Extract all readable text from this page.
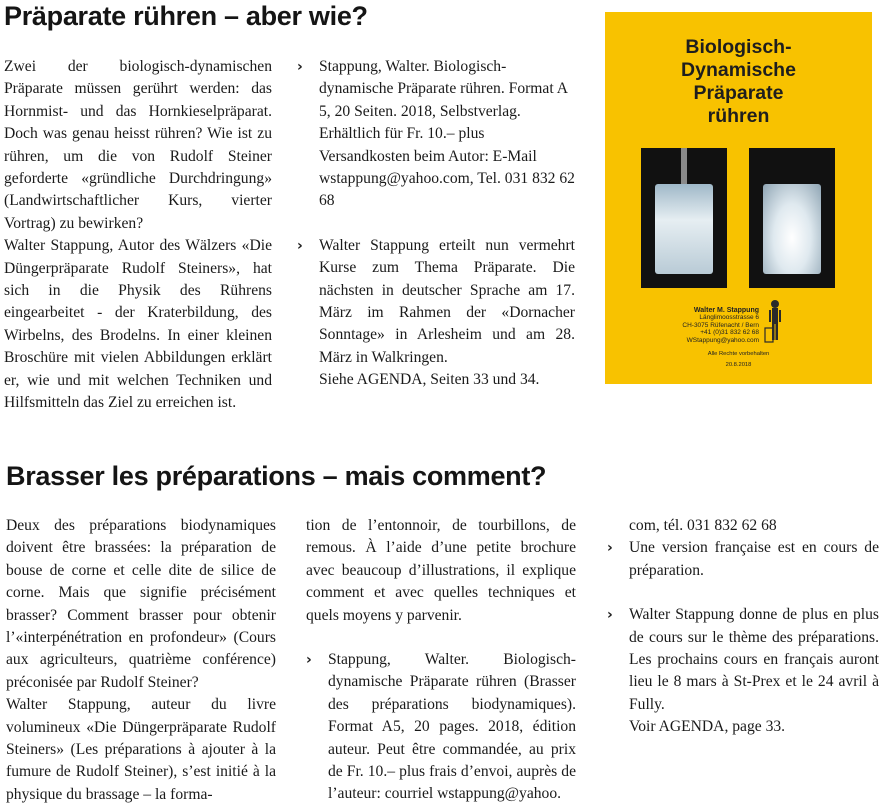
Präparate rühren – aber wie?

Zwei der biologisch-dynamischen Präparate müssen gerührt werden: das Hornmist- und das Hornkieselpräparat. Doch was genau heisst rühren? Wie ist zu rühren, um die von Rudolf Steiner geforderte «gründliche Durchdringung» (Landwirtschaftlicher Kurs, vierter Vortrag) zu bewirken?

Walter Stappung, Autor des Wälzers «Die Düngerpräparate Rudolf Steiners», hat sich in die Physik des Rührens eingearbeitet - der Kraterbildung, des Wirbelns, des Brodelns. In einer kleinen Broschüre mit vielen Abbildungen erklärt er, wie und mit welchen Techniken und Hilfsmitteln das Ziel zu erreichen ist.

› Stappung, Walter. Biologisch-dynamische Präparate rühren. Format A 5, 20 Seiten. 2018, Selbstverlag. Erhältlich für Fr. 10.– plus Versandkosten beim Autor: E-Mail wstappung@yahoo.com, Tel. 031 832 62 68

› Walter Stappung erteilt nun vermehrt Kurse zum Thema Präparate. Die nächsten in deutscher Sprache am 17. März im Rahmen der «Dornacher Sonntage» in Arlesheim und am 28. März in Walkringen.

Siehe AGENDA, Seiten 33 und 34.

Biologisch-
Dynamische
Präparate
rühren
Walter M. Stappung
Länglimoosstrasse 6
CH-3075 Rüfenacht / Bern
+41 (0)31 832 62 68
WStappung@yahoo.com
Alle Rechte vorbehalten
20.8.2018
Brasser les préparations – mais comment?

Deux des préparations biodynamiques doivent être brassées: la préparation de bouse de corne et celle dite de silice de corne. Mais que signifie précisément brasser? Comment brasser pour obtenir l’«interpénétration en profondeur» (Cours aux agriculteurs, quatrième conférence) préconisée par Rudolf Steiner?

Walter Stappung, auteur du livre volumineux «Die Düngerpräparate Rudolf Steiners» (Les préparations à ajouter à la fumure de Rudolf Steiner), s’est initié à la physique du brassage – la forma-

tion de l’entonnoir, de tourbillons, de remous. À l’aide d’une petite brochure avec beaucoup d’illustrations, il explique comment et avec quelles techniques et quels moyens y parvenir.

› Stappung, Walter. Biologisch-dynamische Präparate rühren (Brasser des préparations biodynamiques). Format A5, 20 pages. 2018, édition auteur. Peut être commandée, au prix de Fr. 10.– plus frais d’envoi, auprès de l’auteur: courriel wstappung@yahoo.

com, tél. 031 832 62 68

› Une version française est en cours de préparation.

› Walter Stappung donne de plus en plus de cours sur le thème des préparations. Les prochains cours en français auront lieu le 8 mars à St-Prex et le 24 avril à Fully.

Voir AGENDA, page 33.
